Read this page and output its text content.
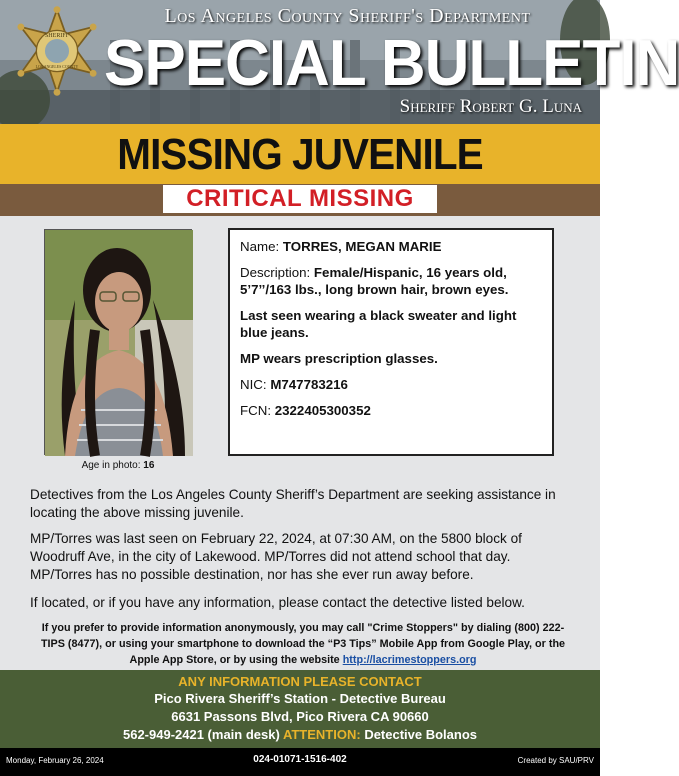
SHERIFF
LOS ANGELES COUNTY
Los Angeles County Sheriff's Department
SPECIAL BULLETIN
Sheriff Robert G. Luna
MISSING JUVENILE
CRITICAL MISSING
Age in photo: 16
Name: TORRES, MEGAN MARIE
Description: Female/Hispanic, 16 years old, 5’7’’/163 lbs., long brown hair, brown eyes.
Last seen wearing a black sweater and light blue jeans.
MP wears prescription glasses.
NIC: M747783216
FCN: 2322405300352
Detectives from the Los Angeles County Sheriff’s Department are seeking assistance in locating the above missing juvenile.
MP/Torres was last seen on February 22, 2024, at 07:30 AM, on the 5800 block of Woodruff Ave, in the city of Lakewood. MP/Torres did not attend school that day. MP/Torres has no possible destination, nor has she ever run away before.
If located, or if you have any information, please contact the detective listed below.
If you prefer to provide information anonymously, you may call "Crime Stoppers" by dialing (800) 222-TIPS (8477), or using your smartphone to download the “P3 Tips” Mobile App from Google Play, or the Apple App Store, or by using the website http://lacrimestoppers.org
ANY INFORMATION PLEASE CONTACT
Pico Rivera Sheriff’s Station - Detective Bureau
6631 Passons Blvd, Pico Rivera CA 90660
562-949-2421 (main desk) ATTENTION: Detective Bolanos
Monday, February 26, 2024	024-01071-1516-402	Created by SAU/PRV
